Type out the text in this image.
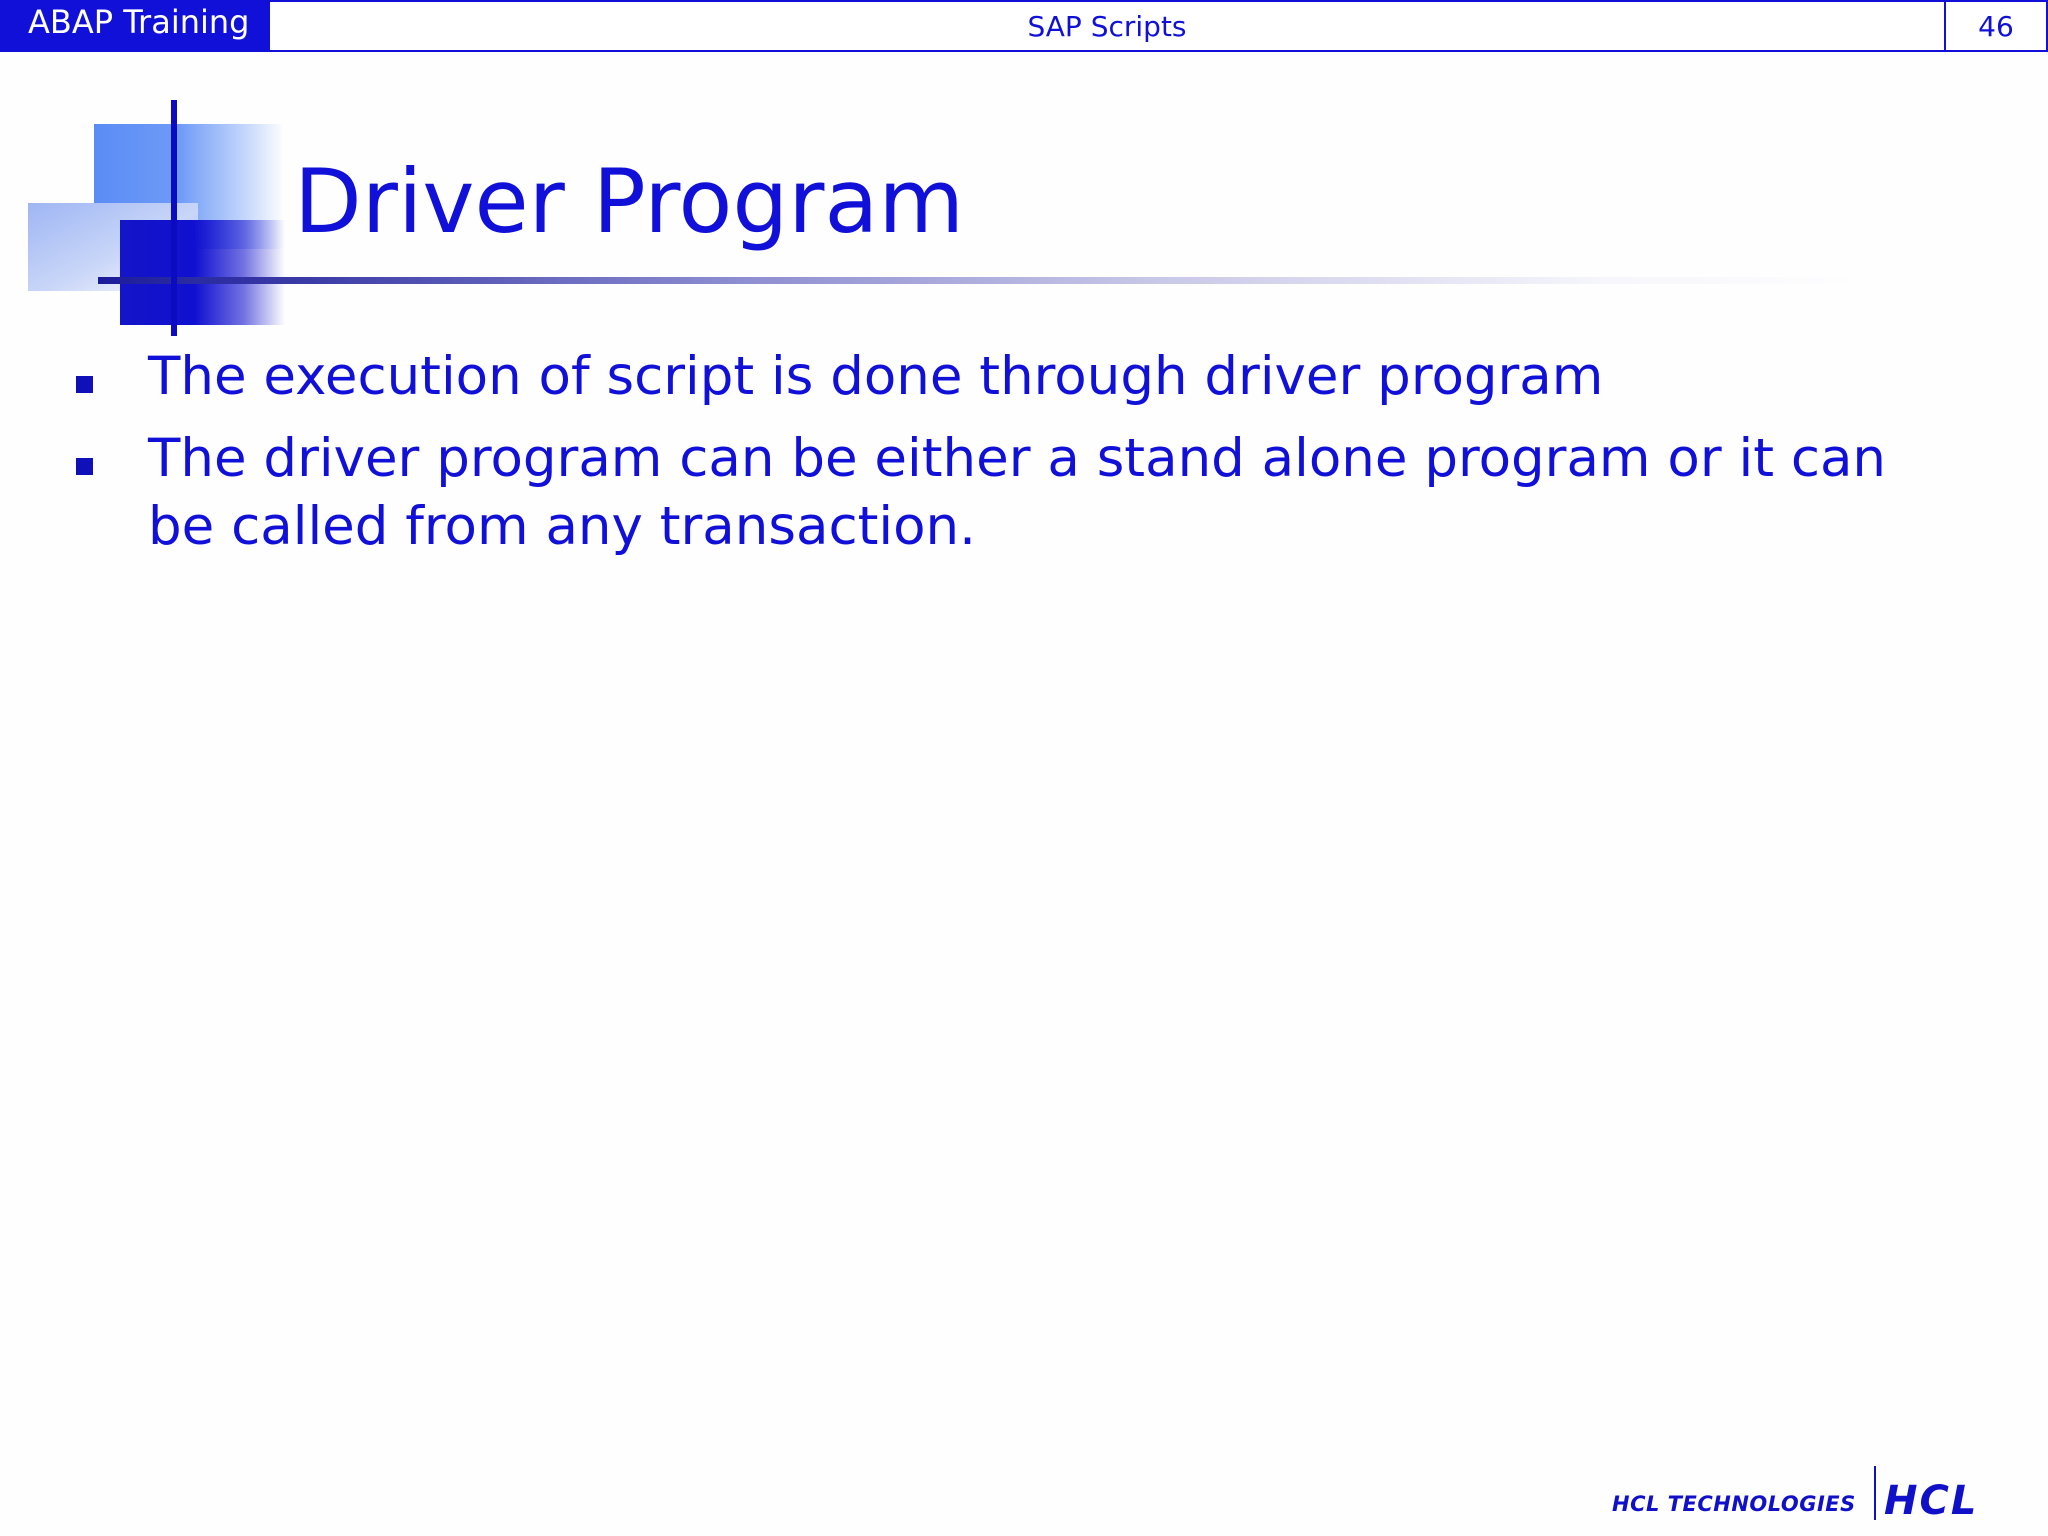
ABAP Training	SAP Scripts	46
Driver Program
The execution of script is done through driver program
The driver program can be either a stand alone program or it can be called from any transaction.
HCL TECHNOLOGIES HCL
